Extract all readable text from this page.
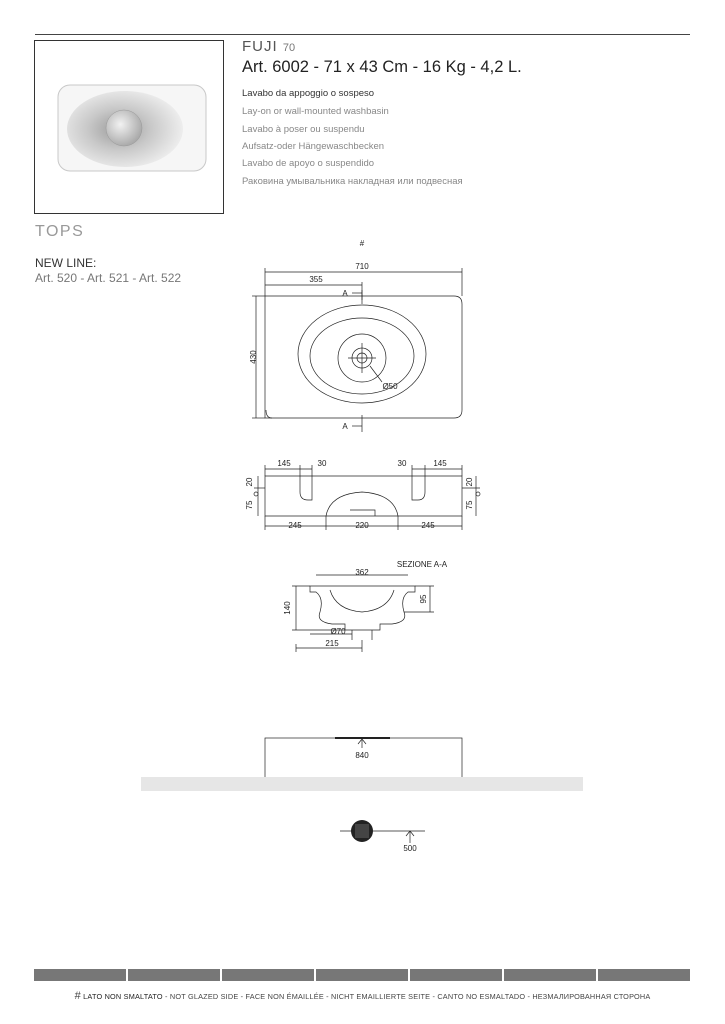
FUJI 70
Art. 6002 - 71 x 43 Cm - 16 Kg - 4,2 L.
Lavabo da appoggio o sospeso
Lay-on or wall-mounted washbasin
Lavabo à poser ou suspendu
Aufsatz-oder Hängewaschbecken
Lavabo de apoyo o suspendido
Раковина умывальника накладная или подвесная
TOPS
NEW LINE:
Art. 520 - Art. 521 - Art. 522
#
710
355
A
A
430
Ø50
145	30	30	145
20
75
20
75
245	220	245
SEZIONE A-A
362
140
95
Ø70
215
840
500
# LATO NON SMALTATO - NOT GLAZED SIDE - FACE NON ÉMAILLÉE - NICHT EMAILLIERTE SEITE - CANTO NO ESMALTADO - НЕЗМАЛИРОВАННАЯ СТОРОНА
